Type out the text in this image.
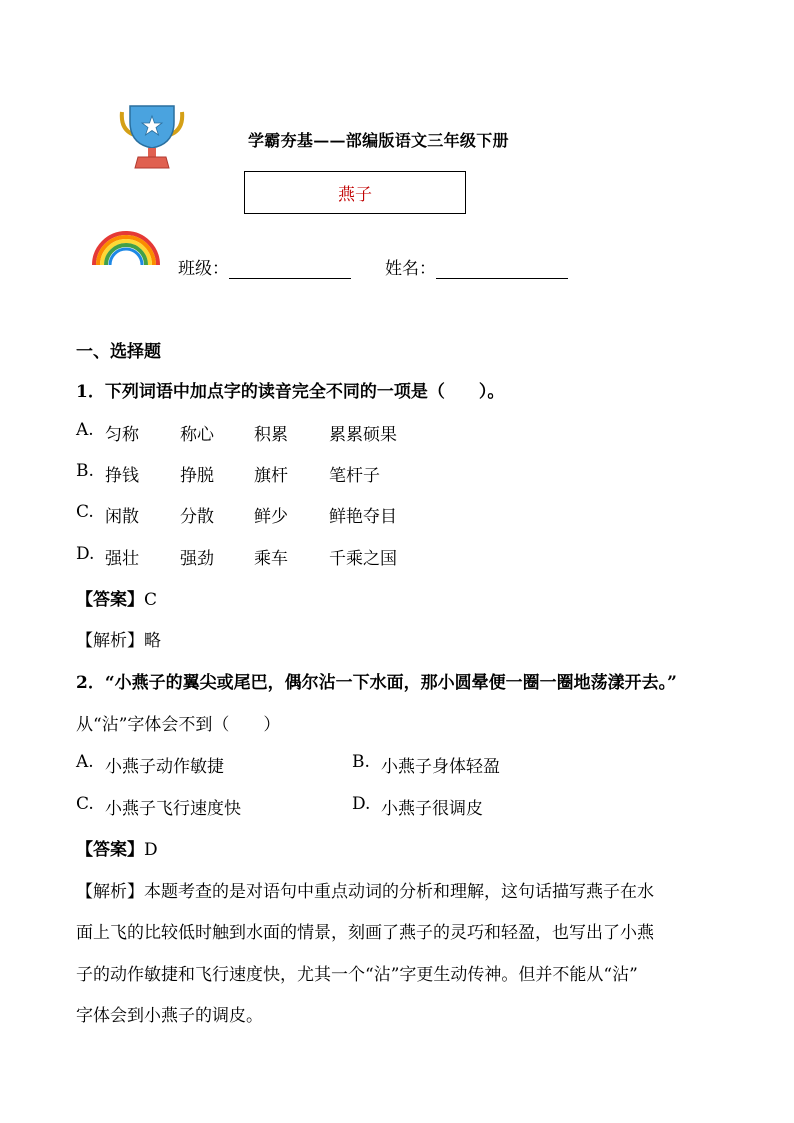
学霸夯基——部编版语文三年级下册
燕子
班级：	姓名：
一、选择题
1．下列词语中加点字的读音完全不同的一项是（　　）。
A. 匀称 称心 积累 累累硕果
B. 挣钱 挣脱 旗杆 笔杆子
C. 闲散 分散 鲜少 鲜艳夺目
D. 强壮 强劲 乘车 千乘之国
【答案】C
【解析】略
2．“小燕子的翼尖或尾巴，偶尔沾一下水面，那小圆晕便一圈一圈地荡漾开去。”
从“沾”字体会不到（　　）
A. 小燕子动作敏捷	B. 小燕子身体轻盈
C. 小燕子飞行速度快	D. 小燕子很调皮
【答案】D
【解析】本题考查的是对语句中重点动词的分析和理解，这句话描写燕子在水
面上飞的比较低时触到水面的情景，刻画了燕子的灵巧和轻盈，也写出了小燕
子的动作敏捷和飞行速度快，尤其一个“沾”字更生动传神。但并不能从“沾”
字体会到小燕子的调皮。
